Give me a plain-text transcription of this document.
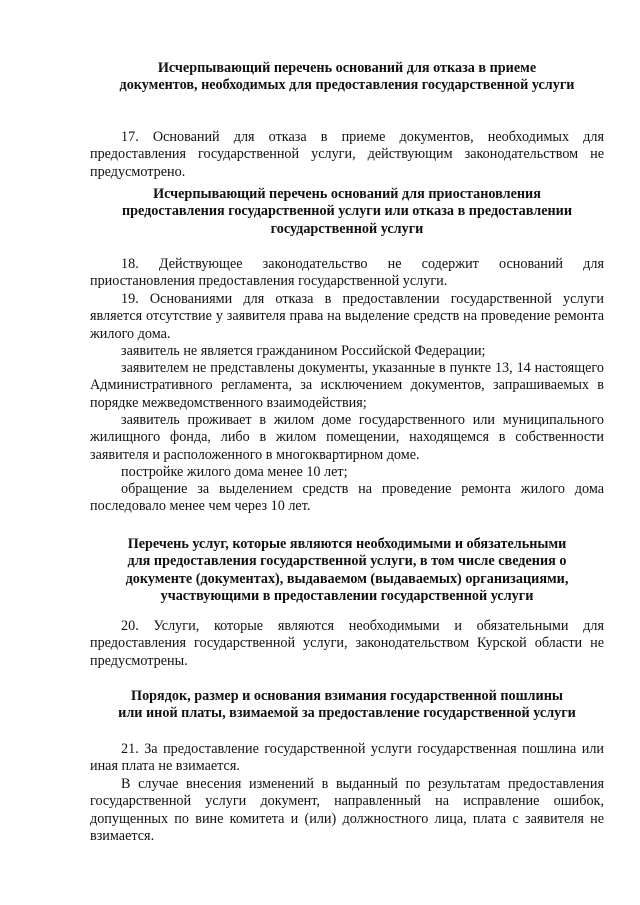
Исчерпывающий перечень оснований для отказа в приеме
документов, необходимых для предоставления государственной услуги
17. Оснований для отказа в приеме документов, необходимых для предоставления государственной услуги, действующим законодательством не предусмотрено.
Исчерпывающий перечень оснований для приостановления
предоставления государственной услуги или отказа в предоставлении
государственной услуги
18. Действующее законодательство не содержит оснований для приостановления предоставления государственной услуги.
19. Основаниями для отказа в предоставлении государственной услуги является отсутствие у заявителя права на выделение средств на проведение ремонта жилого дома.
заявитель не является гражданином Российской Федерации;
заявителем не представлены документы, указанные в пункте 13, 14 настоящего Административного регламента, за исключением документов, запрашиваемых в порядке межведомственного взаимодействия;
заявитель проживает в жилом доме государственного или муниципального жилищного фонда, либо в жилом помещении, находящемся в собственности заявителя и расположенного в многоквартирном доме.
постройке жилого дома менее 10 лет;
обращение за выделением средств на проведение ремонта жилого дома последовало менее чем через 10 лет.
Перечень услуг, которые являются необходимыми и обязательными
для предоставления государственной услуги, в том числе сведения о
документе (документах), выдаваемом (выдаваемых) организациями,
участвующими в предоставлении государственной услуги
20. Услуги, которые являются необходимыми и обязательными для предоставления государственной услуги, законодательством Курской области не предусмотрены.
Порядок, размер и основания взимания государственной пошлины
или иной платы, взимаемой за предоставление государственной услуги
21. За предоставление государственной услуги государственная пошлина или иная плата не взимается.
В случае внесения изменений в выданный по результатам предоставления государственной услуги документ, направленный на исправление ошибок, допущенных по вине комитета и (или) должностного лица, плата с заявителя не взимается.
